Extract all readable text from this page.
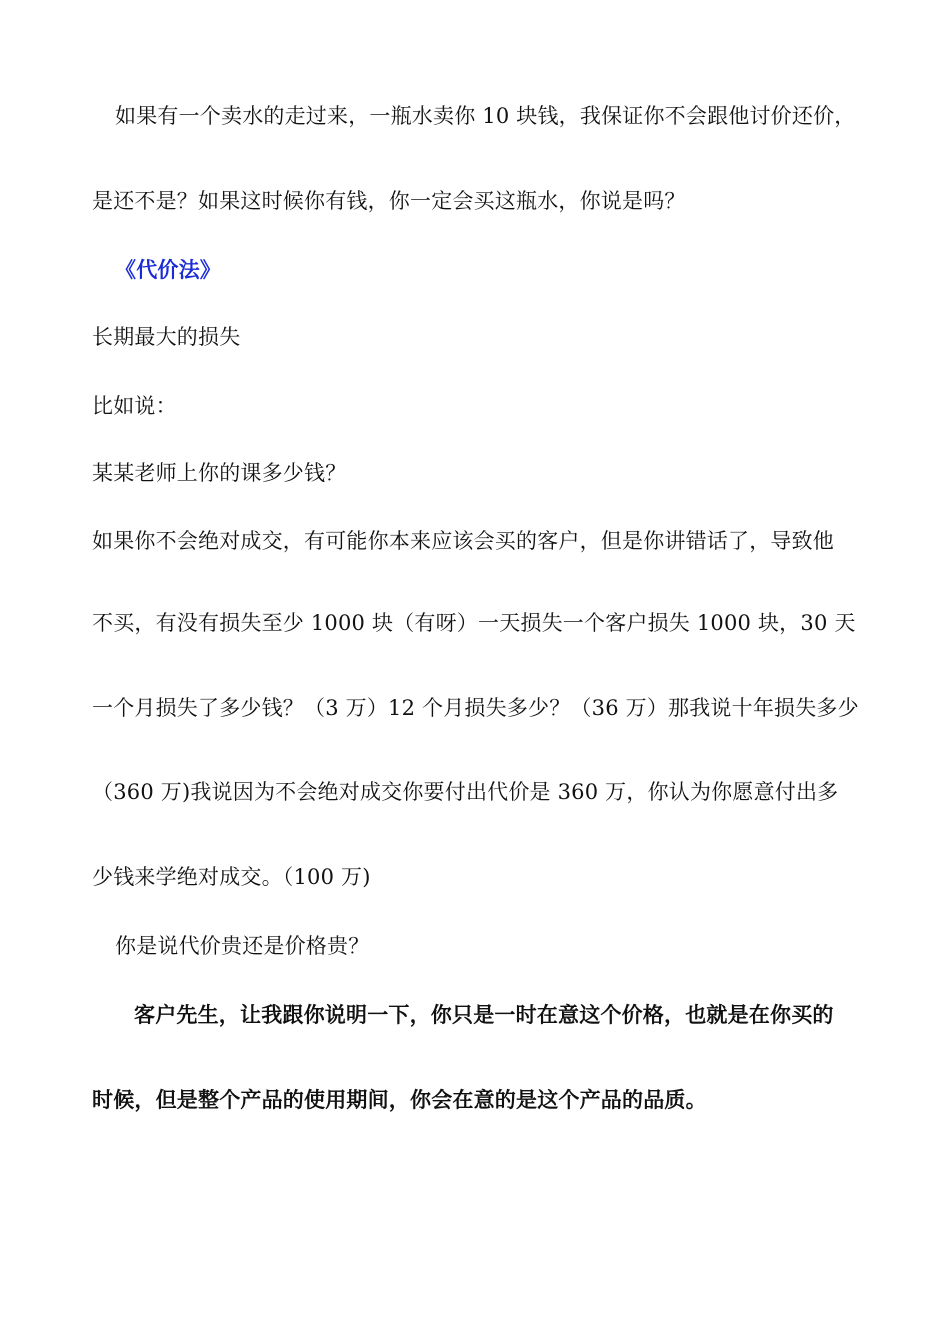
如果有一个卖水的走过来，一瓶水卖你 10 块钱，我保证你不会跟他讨价还价，
是还不是？如果这时候你有钱，你一定会买这瓶水，你说是吗？
《代价法》
长期最大的损失
比如说：
某某老师上你的课多少钱？
如果你不会绝对成交，有可能你本来应该会买的客户，但是你讲错话了，导致他
不买，有没有损失至少 1000 块（有呀）一天损失一个客户损失 1000 块，30 天
一个月损失了多少钱？（3 万）12 个月损失多少？（36 万）那我说十年损失多少
（360 万)我说因为不会绝对成交你要付出代价是 360 万，你认为你愿意付出多
少钱来学绝对成交。（100 万)
你是说代价贵还是价格贵？
客户先生，让我跟你说明一下，你只是一时在意这个价格，也就是在你买的
时候，但是整个产品的使用期间，你会在意的是这个产品的品质。
